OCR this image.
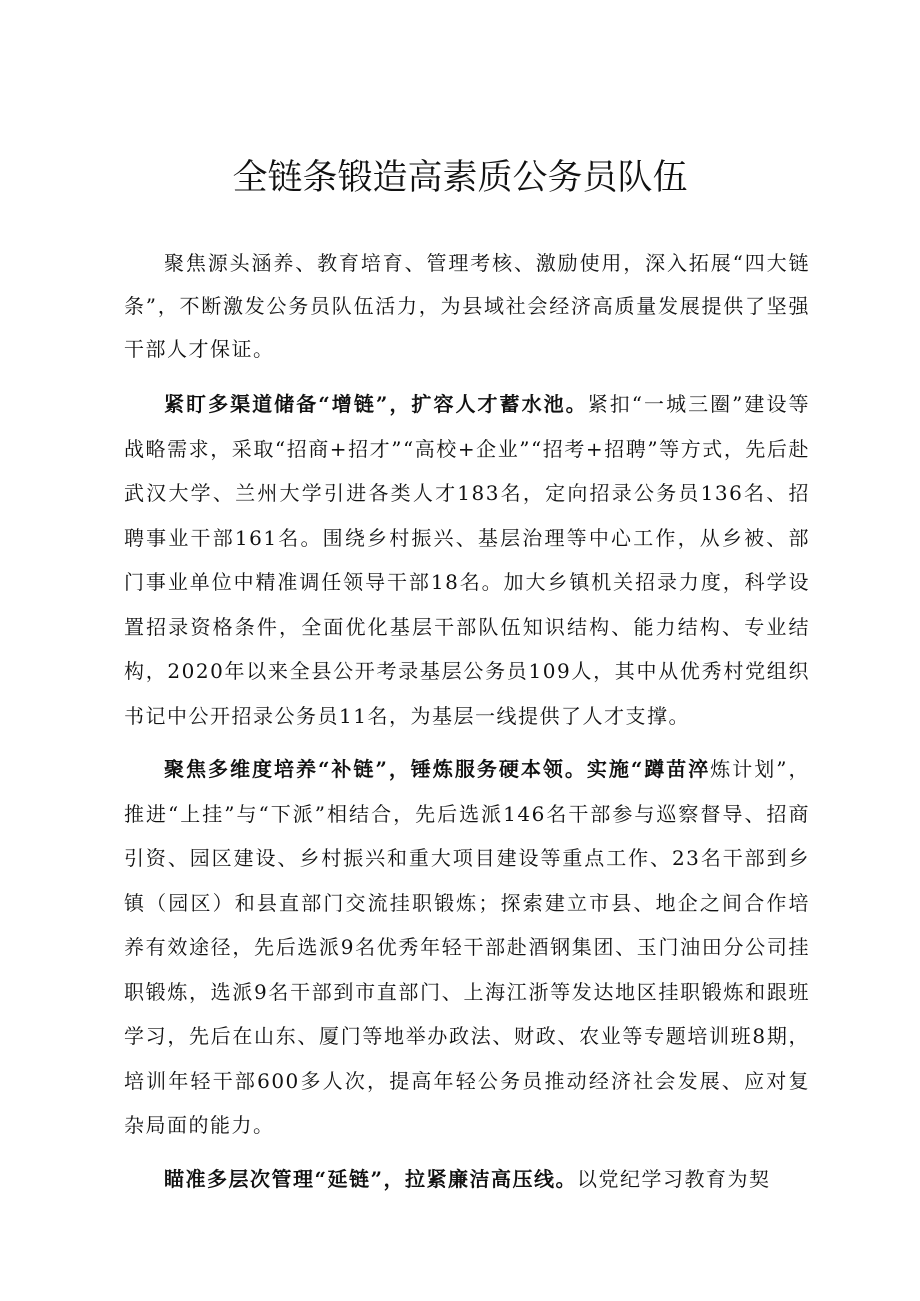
全链条锻造高素质公务员队伍

聚焦源头涵养、教育培育、管理考核、激励使用，深入拓展“四大链条”，不断激发公务员队伍活力，为县域社会经济高质量发展提供了坚强干部人才保证。

紧盯多渠道储备“增链”，扩容人才蓄水池。紧扣“一城三圈”建设等战略需求，采取“招商+招才”“高校+企业”“招考+招聘”等方式，先后赴武汉大学、兰州大学引进各类人才183名，定向招录公务员136名、招聘事业干部161名。围绕乡村振兴、基层治理等中心工作，从乡被、部门事业单位中精准调任领导干部18名。加大乡镇机关招录力度，科学设置招录资格条件，全面优化基层干部队伍知识结构、能力结构、专业结构，2020年以来全县公开考录基层公务员109人，其中从优秀村党组织书记中公开招录公务员11名，为基层一线提供了人才支撑。

聚焦多维度培养“补链”，锤炼服务硬本领。实施“蹲苗淬炼计划”，推进“上挂”与“下派”相结合，先后选派146名干部参与巡察督导、招商引资、园区建设、乡村振兴和重大项目建设等重点工作、23名干部到乡镇（园区）和县直部门交流挂职锻炼；探索建立市县、地企之间合作培养有效途径，先后选派9名优秀年轻干部赴酒钢集团、玉门油田分公司挂职锻炼，选派9名干部到市直部门、上海江浙等发达地区挂职锻炼和跟班学习，先后在山东、厦门等地举办政法、财政、农业等专题培训班8期，培训年轻干部600多人次，提高年轻公务员推动经济社会发展、应对复杂局面的能力。

瞄准多层次管理“延链”，拉紧廉洁高压线。以党纪学习教育为契
